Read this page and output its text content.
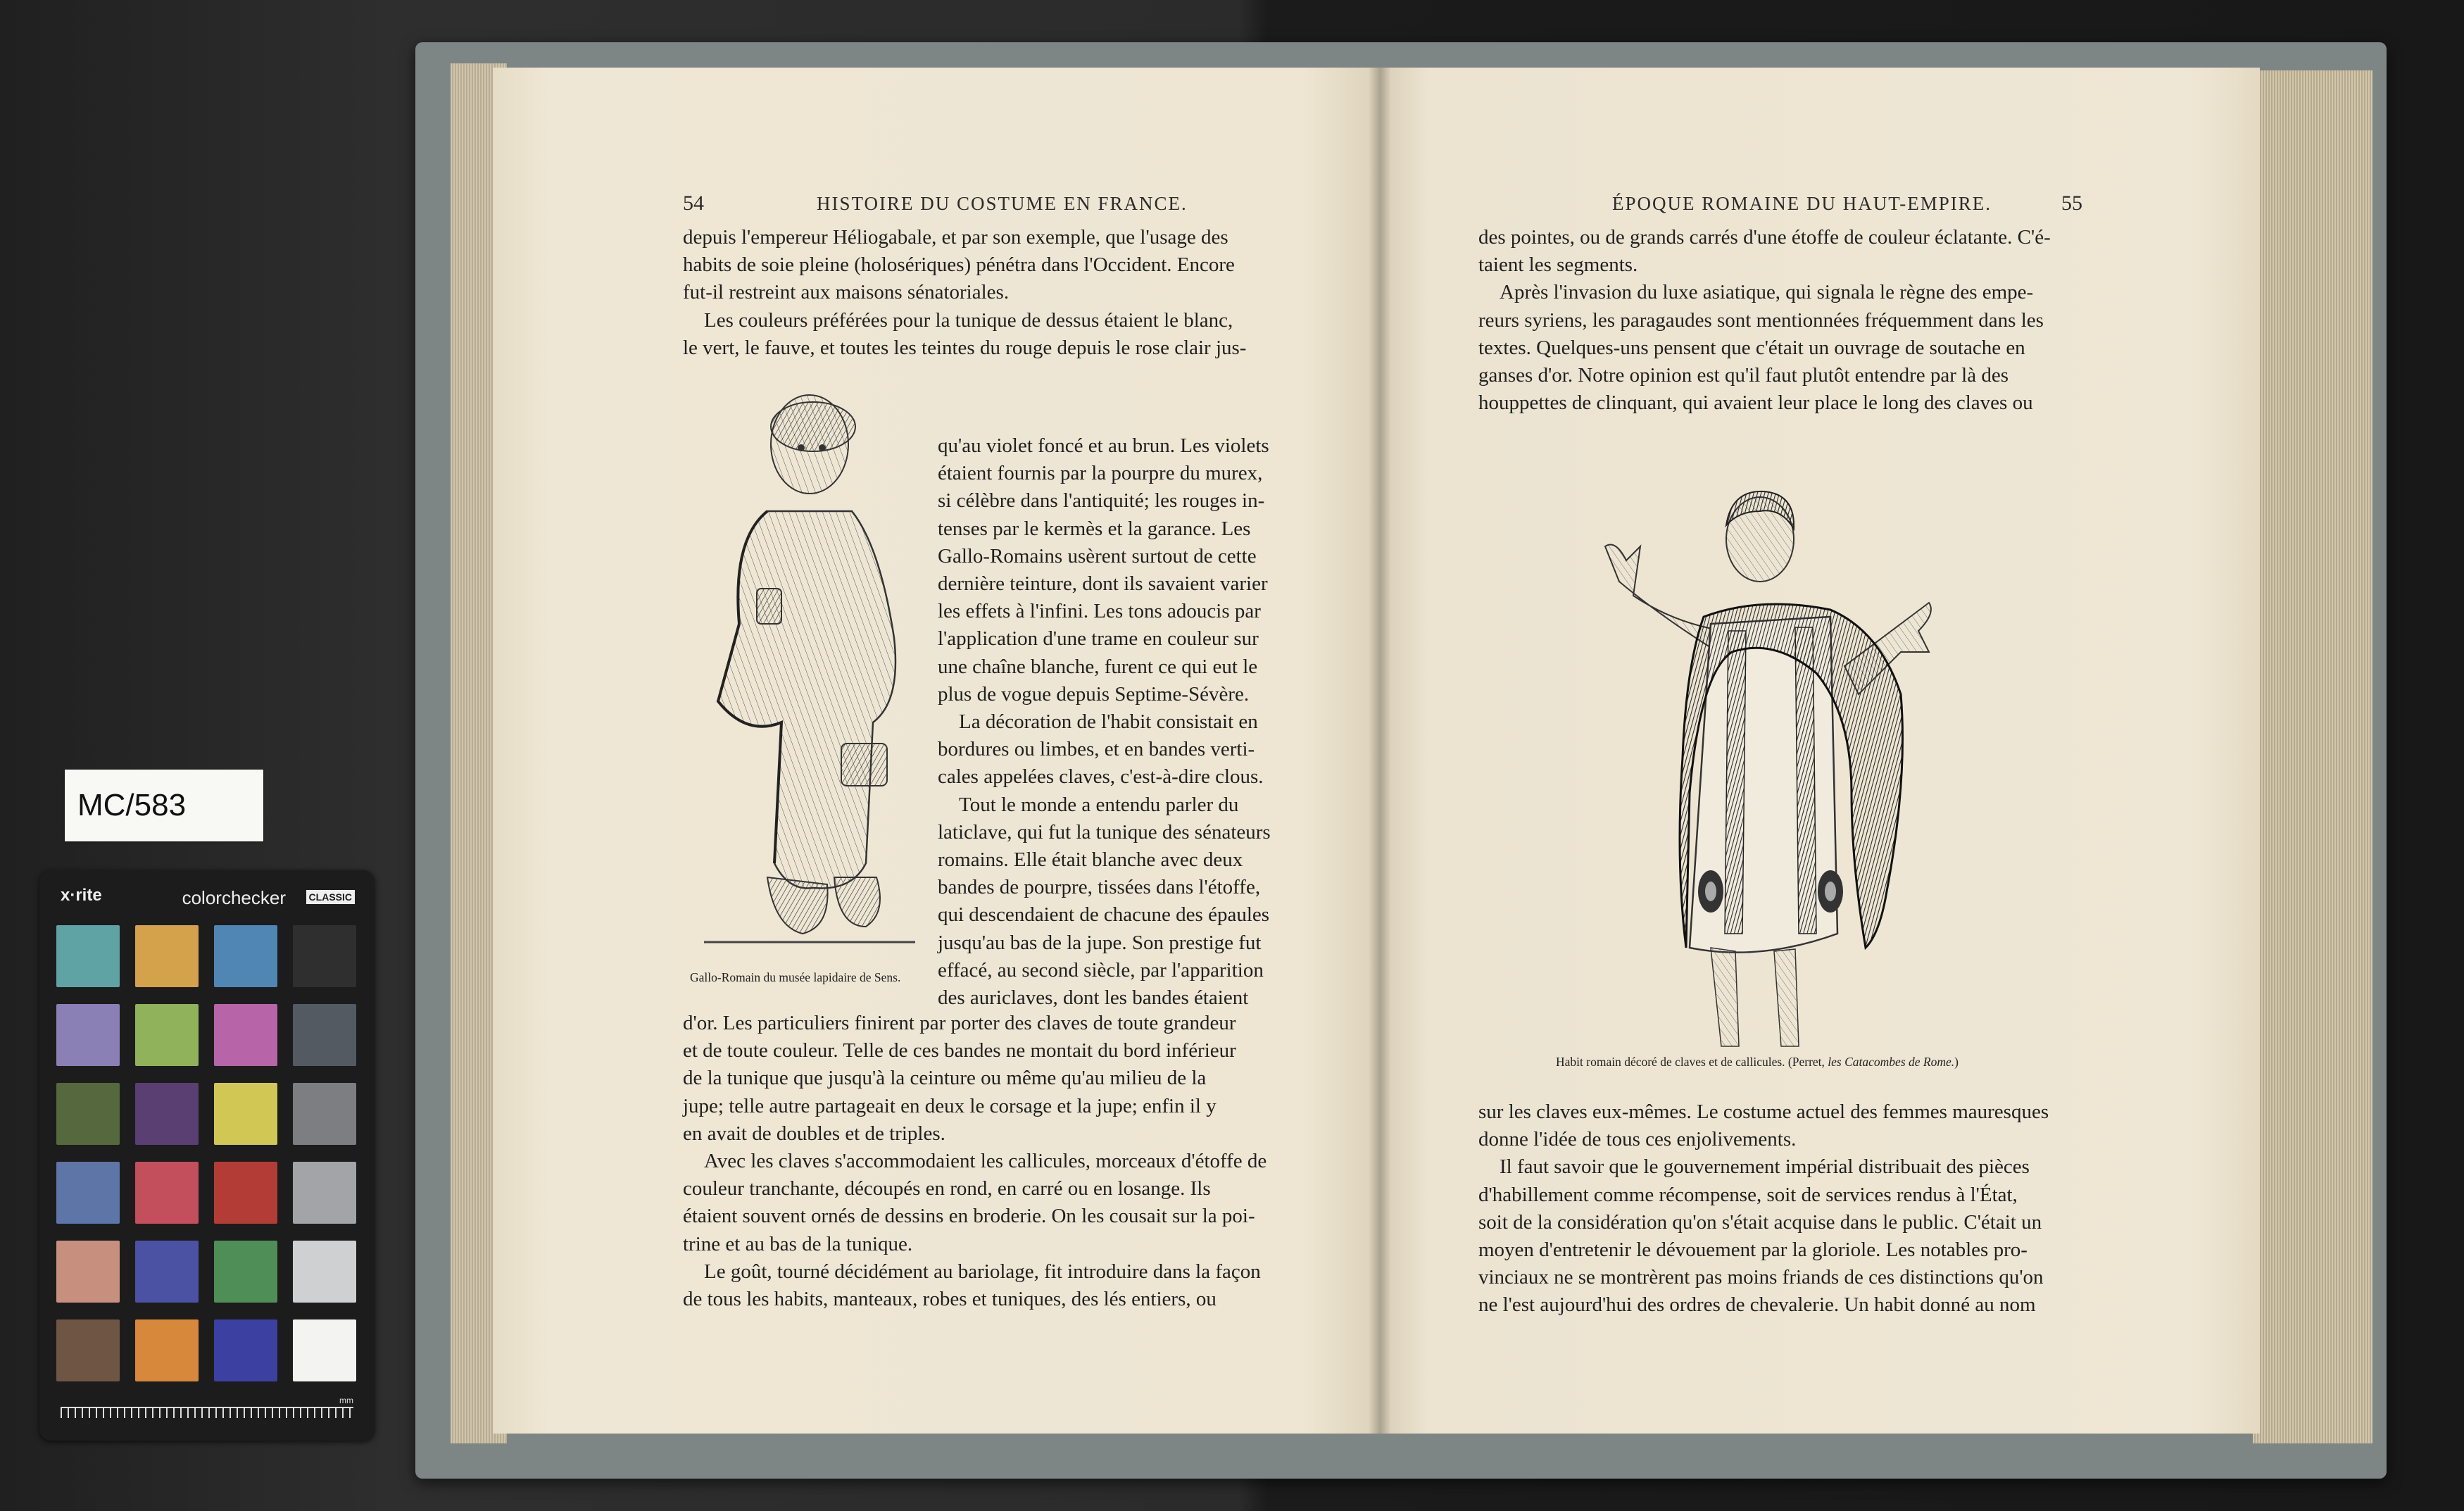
MC/583
x·rite	colorchecker CLASSIC
mm
54	HISTOIRE DU COSTUME EN FRANCE.

depuis l'empereur Héliogabale, et par son exemple, que l'usage des

habits de soie pleine (holosériques) pénétra dans l'Occident. Encore

fut-il restreint aux maisons sénatoriales.

Les couleurs préférées pour la tunique de dessus étaient le blanc,

le vert, le fauve, et toutes les teintes du rouge depuis le rose clair jus-

qu'au violet foncé et au brun. Les violets

étaient fournis par la pourpre du murex,

si célèbre dans l'antiquité; les rouges in-

tenses par le kermès et la garance. Les

Gallo-Romains usèrent surtout de cette

dernière teinture, dont ils savaient varier

les effets à l'infini. Les tons adoucis par

l'application d'une trame en couleur sur

une chaîne blanche, furent ce qui eut le

plus de vogue depuis Septime-Sévère.

La décoration de l'habit consistait en

bordures ou limbes, et en bandes verti-

cales appelées claves, c'est-à-dire clous.

Tout le monde a entendu parler du

laticlave, qui fut la tunique des sénateurs

romains. Elle était blanche avec deux

bandes de pourpre, tissées dans l'étoffe,

qui descendaient de chacune des épaules

jusqu'au bas de la jupe. Son prestige fut

effacé, au second siècle, par l'apparition

des auriclaves, dont les bandes étaient

Gallo-Romain du musée lapidaire de Sens.

d'or. Les particuliers finirent par porter des claves de toute grandeur

et de toute couleur. Telle de ces bandes ne montait du bord inférieur

de la tunique que jusqu'à la ceinture ou même qu'au milieu de la

jupe; telle autre partageait en deux le corsage et la jupe; enfin il y

en avait de doubles et de triples.

Avec les claves s'accommodaient les callicules, morceaux d'étoffe de

couleur tranchante, découpés en rond, en carré ou en losange. Ils

étaient souvent ornés de dessins en broderie. On les cousait sur la poi-

trine et au bas de la tunique.

Le goût, tourné décidément au bariolage, fit introduire dans la façon

de tous les habits, manteaux, robes et tuniques, des lés entiers, ou

ÉPOQUE ROMAINE DU HAUT-EMPIRE.	55

des pointes, ou de grands carrés d'une étoffe de couleur éclatante. C'é-

taient les segments.

Après l'invasion du luxe asiatique, qui signala le règne des empe-

reurs syriens, les paragaudes sont mentionnées fréquemment dans les

textes. Quelques-uns pensent que c'était un ouvrage de soutache en

ganses d'or. Notre opinion est qu'il faut plutôt entendre par là des

houppettes de clinquant, qui avaient leur place le long des claves ou

Habit romain décoré de claves et de callicules. (Perret, les Catacombes de Rome.)

sur les claves eux-mêmes. Le costume actuel des femmes mauresques

donne l'idée de tous ces enjolivements.

Il faut savoir que le gouvernement impérial distribuait des pièces

d'habillement comme récompense, soit de services rendus à l'État,

soit de la considération qu'on s'était acquise dans le public. C'était un

moyen d'entretenir le dévouement par la gloriole. Les notables pro-

vinciaux ne se montrèrent pas moins friands de ces distinctions qu'on

ne l'est aujourd'hui des ordres de chevalerie. Un habit donné au nom
